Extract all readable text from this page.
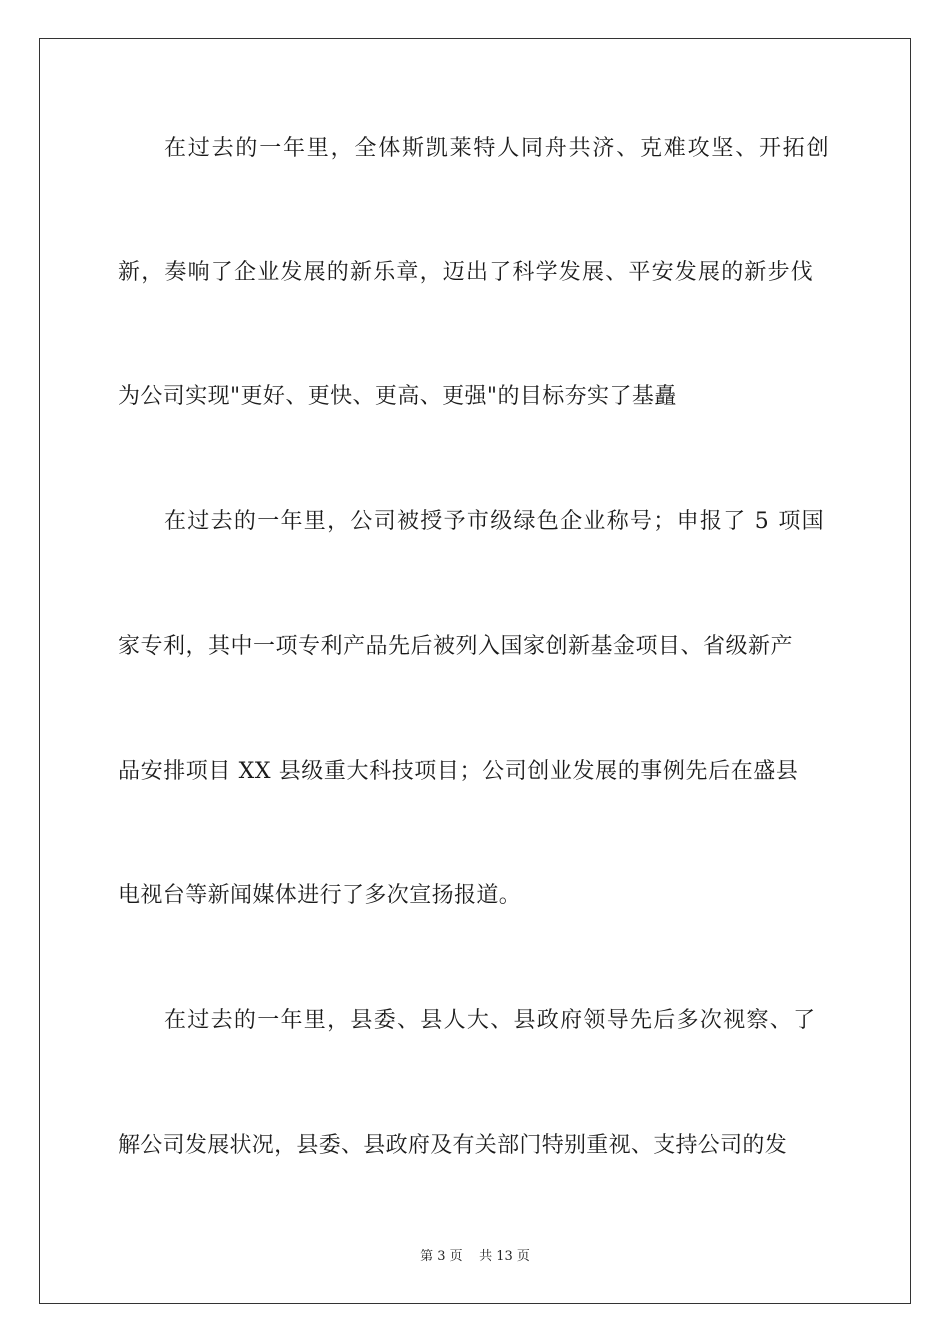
在过去的一年里，全体斯凯莱特人同舟共济、克难攻坚、开拓创
新，奏响了企业发展的新乐章，迈出了科学发展、平安发展的新步伐
为公司实现"更好、更快、更高、更强"的目标夯实了基矗
在过去的一年里，公司被授予市级绿色企业称号；申报了 5 项国
家专利，其中一项专利产品先后被列入国家创新基金项目、省级新产
品安排项目 XX 县级重大科技项目；公司创业发展的事例先后在盛县
电视台等新闻媒体进行了多次宣扬报道。
在过去的一年里，县委、县人大、县政府领导先后多次视察、了
解公司发展状况，县委、县政府及有关部门特别重视、支持公司的发
第 3 页    共 13 页
